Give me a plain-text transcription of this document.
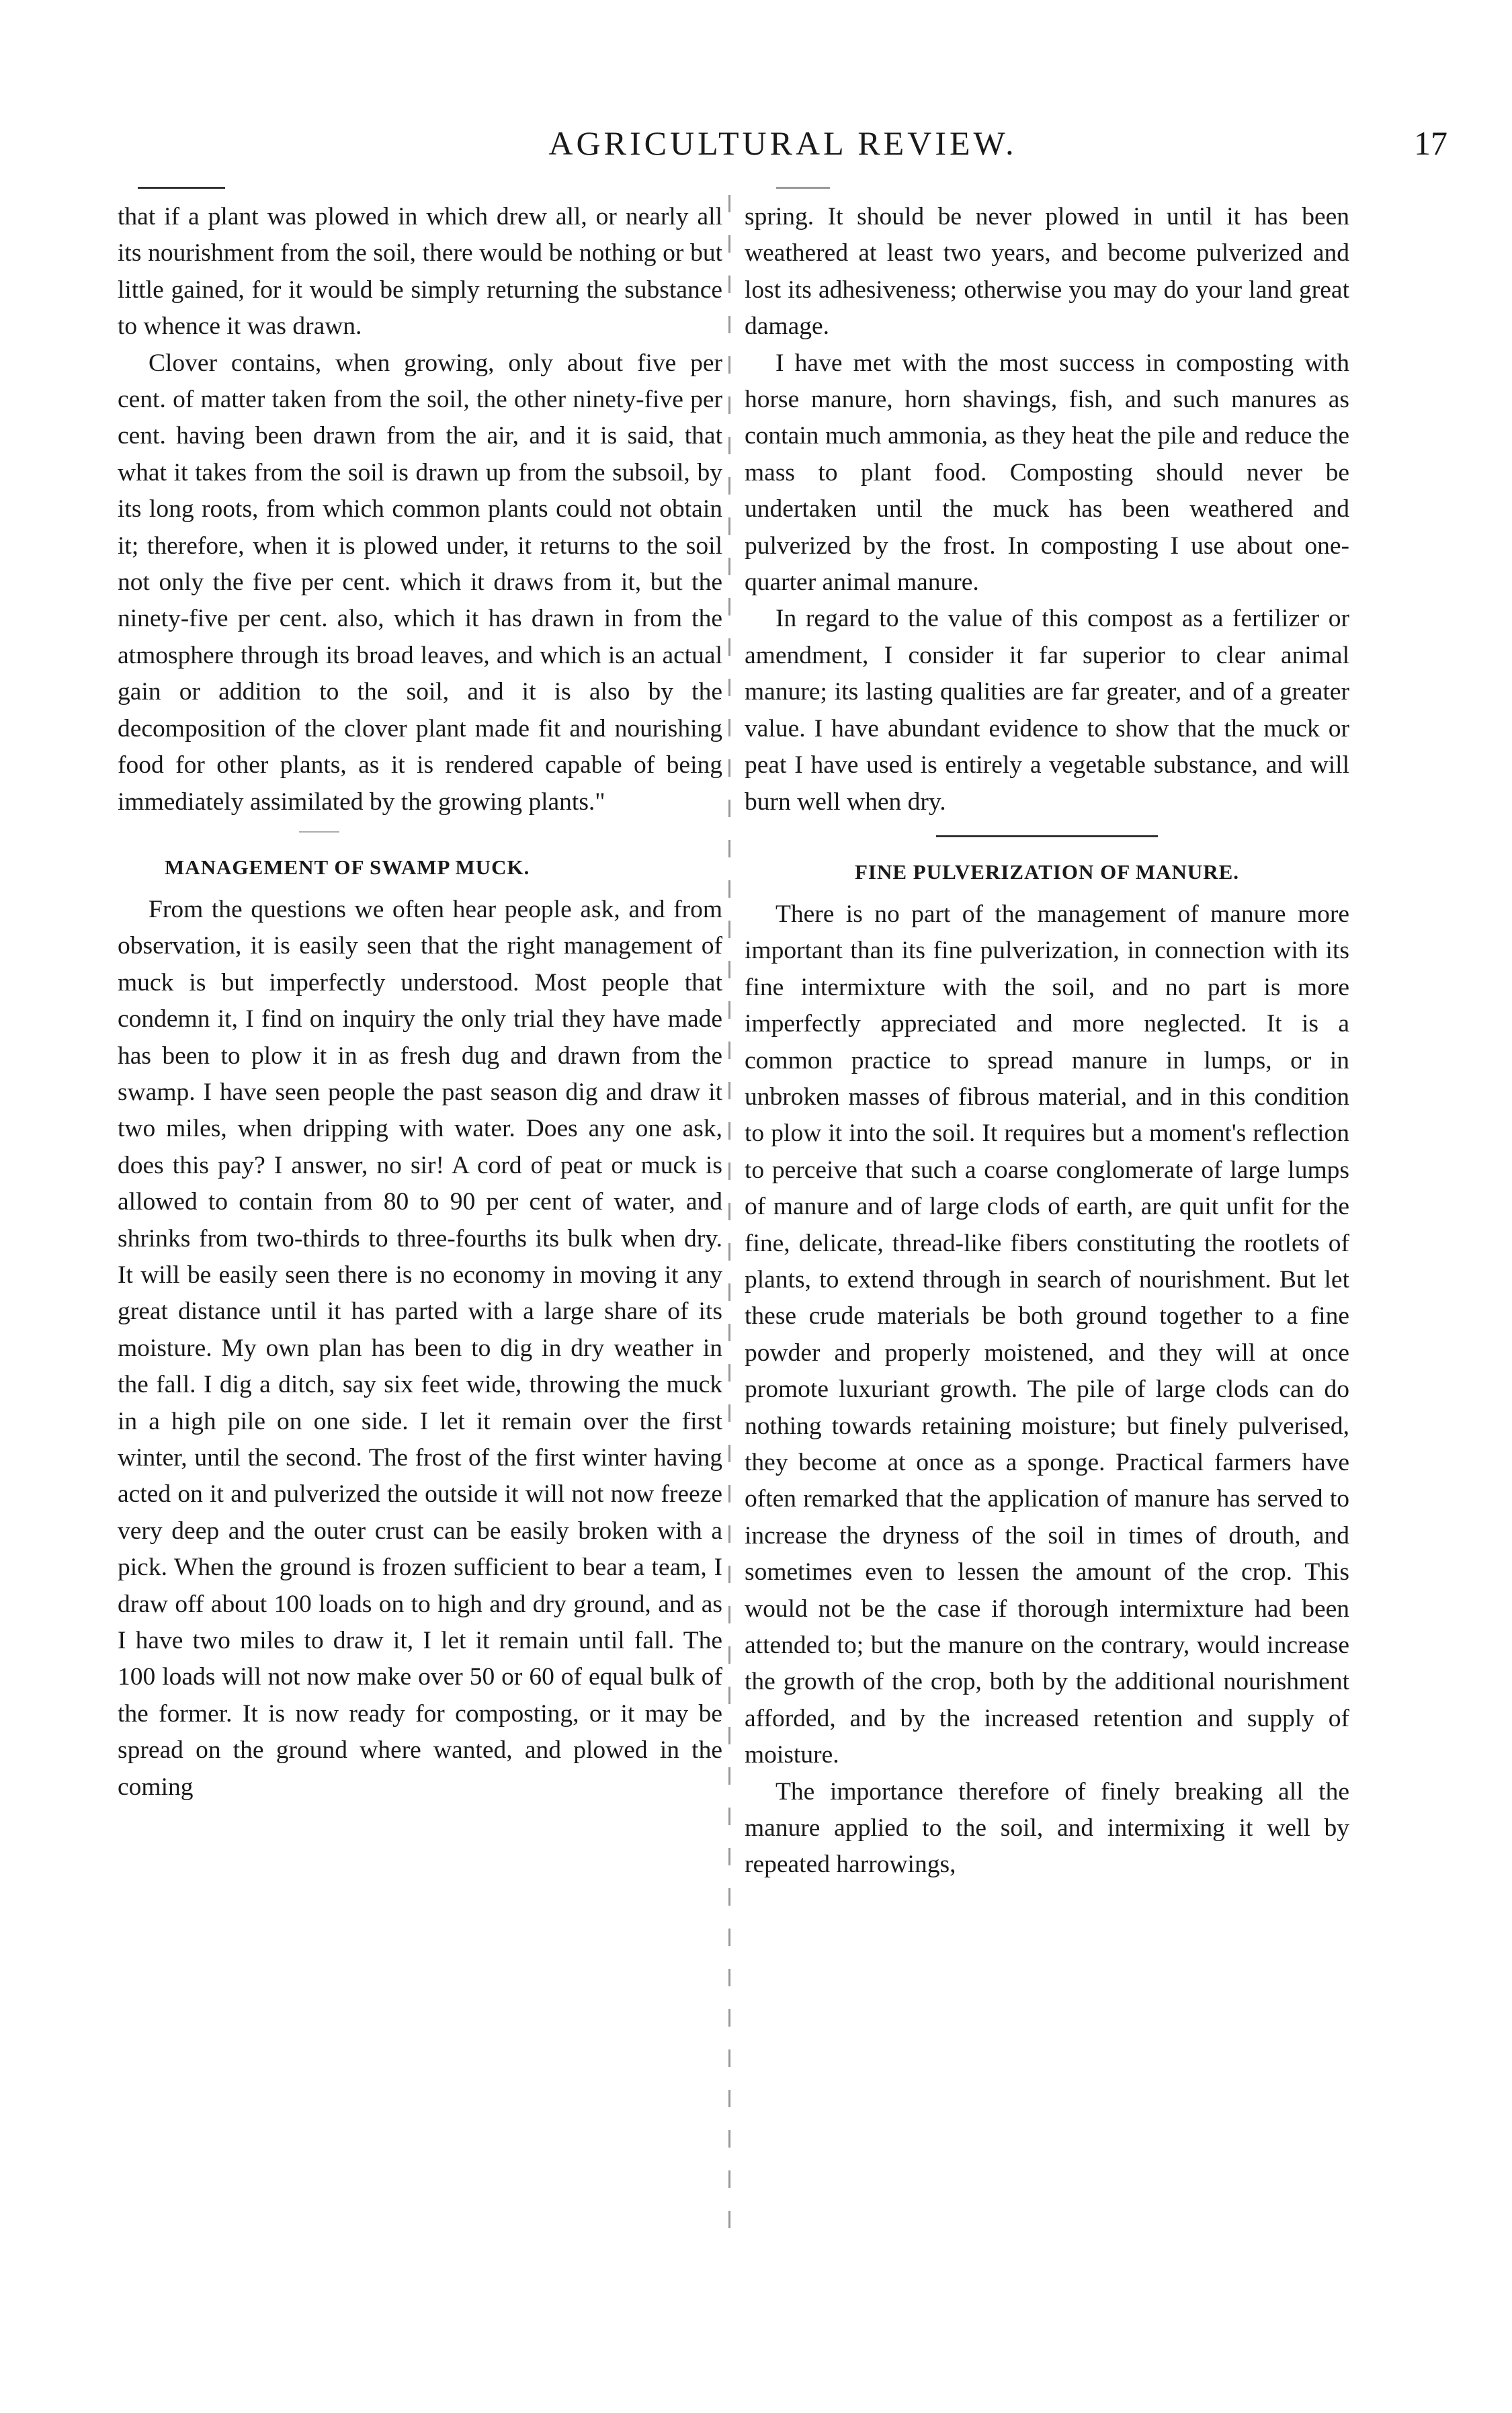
AGRICULTURAL REVIEW.	17

that if a plant was plowed in which drew all, or nearly all its nourishment from the soil, there would be nothing or but little gained, for it would be simply returning the substance to whence it was drawn.

Clover contains, when growing, only about five per cent. of matter taken from the soil, the other ninety-five per cent. having been drawn from the air, and it is said, that what it takes from the soil is drawn up from the subsoil, by its long roots, from which common plants could not obtain it; therefore, when it is plowed under, it returns to the soil not only the five per cent. which it draws from it, but the ninety-five per cent. also, which it has drawn in from the atmosphere through its broad leaves, and which is an actual gain or addition to the soil, and it is also by the decomposition of the clover plant made fit and nourishing food for other plants, as it is rendered capable of being immediately assimilated by the growing plants."

MANAGEMENT OF SWAMP MUCK.

From the questions we often hear people ask, and from observation, it is easily seen that the right management of muck is but imperfectly understood. Most people that condemn it, I find on inquiry the only trial they have made has been to plow it in as fresh dug and drawn from the swamp. I have seen people the past season dig and draw it two miles, when dripping with water. Does any one ask, does this pay? I answer, no sir! A cord of peat or muck is allowed to contain from 80 to 90 per cent of water, and shrinks from two-thirds to three-fourths its bulk when dry. It will be easily seen there is no economy in moving it any great distance until it has parted with a large share of its moisture. My own plan has been to dig in dry weather in the fall. I dig a ditch, say six feet wide, throwing the muck in a high pile on one side. I let it remain over the first winter, until the second. The frost of the first winter having acted on it and pulverized the outside it will not now freeze very deep and the outer crust can be easily broken with a pick. When the ground is frozen sufficient to bear a team, I draw off about 100 loads on to high and dry ground, and as I have two miles to draw it, I let it remain until fall. The 100 loads will not now make over 50 or 60 of equal bulk of the former. It is now ready for composting, or it may be spread on the ground where wanted, and plowed in the coming

spring. It should be never plowed in until it has been weathered at least two years, and become pulverized and lost its adhesiveness; otherwise you may do your land great damage.

I have met with the most success in composting with horse manure, horn shavings, fish, and such manures as contain much ammonia, as they heat the pile and reduce the mass to plant food. Composting should never be undertaken until the muck has been weathered and pulverized by the frost. In composting I use about one-quarter animal manure.

In regard to the value of this compost as a fertilizer or amendment, I consider it far superior to clear animal manure; its lasting qualities are far greater, and of a greater value. I have abundant evidence to show that the muck or peat I have used is entirely a vegetable substance, and will burn well when dry.

FINE PULVERIZATION OF MANURE.

There is no part of the management of manure more important than its fine pulverization, in connection with its fine intermixture with the soil, and no part is more imperfectly appreciated and more neglected. It is a common practice to spread manure in lumps, or in unbroken masses of fibrous material, and in this condition to plow it into the soil. It requires but a moment's reflection to perceive that such a coarse conglomerate of large lumps of manure and of large clods of earth, are quit unfit for the fine, delicate, thread-like fibers constituting the rootlets of plants, to extend through in search of nourishment. But let these crude materials be both ground together to a fine powder and properly moistened, and they will at once promote luxuriant growth. The pile of large clods can do nothing towards retaining moisture; but finely pulverised, they become at once as a sponge. Practical farmers have often remarked that the application of manure has served to increase the dryness of the soil in times of drouth, and sometimes even to lessen the amount of the crop. This would not be the case if thorough intermixture had been attended to; but the manure on the contrary, would increase the growth of the crop, both by the additional nourishment afforded, and by the increased retention and supply of moisture.

The importance therefore of finely breaking all the manure applied to the soil, and intermixing it well by repeated harrowings,
